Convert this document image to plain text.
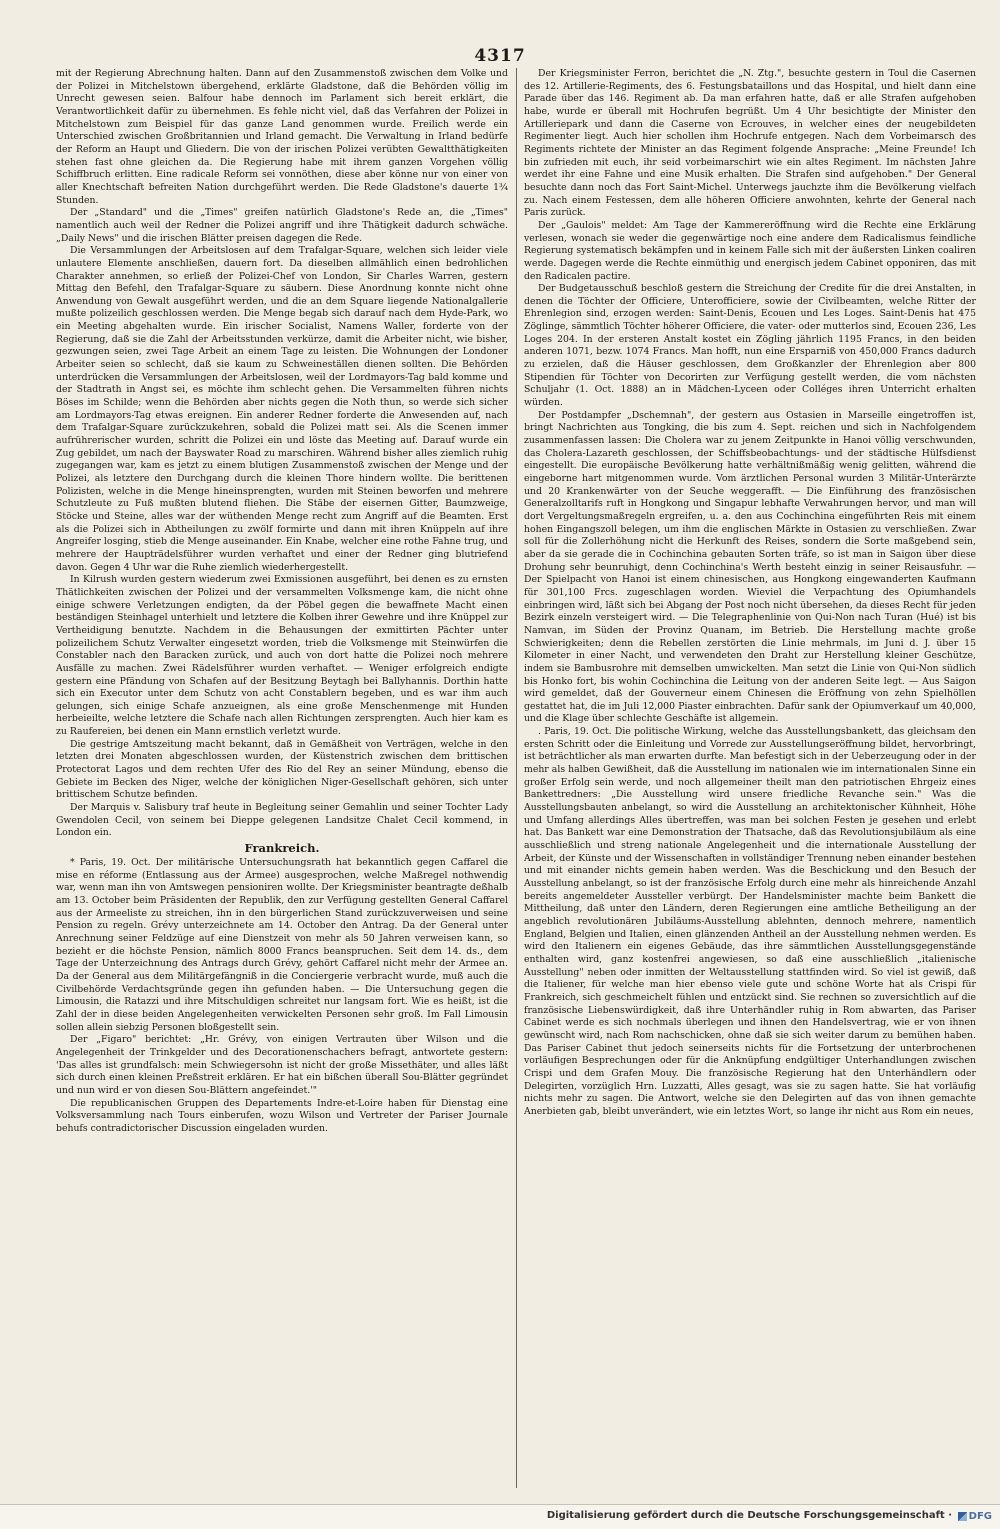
4317

mit der Regierung Abrechnung halten. Dann auf den Zusammenstoß zwischen dem Volke und der Polizei in Mitchelstown übergehend, erklärte Gladstone, daß die Behörden völlig im Unrecht gewesen seien. Balfour habe dennoch im Parlament sich bereit erklärt, die Verantwortlichkeit dafür zu übernehmen. Es fehle nicht viel, daß das Verfahren der Polizei in Mitchelstown zum Beispiel für das ganze Land genommen wurde. Freilich werde ein Unterschied zwischen Großbritannien und Irland gemacht. Die Verwaltung in Irland bedürfe der Reform an Haupt und Gliedern. Die von der irischen Polizei verübten Gewaltthätigkeiten stehen fast ohne gleichen da. Die Regierung habe mit ihrem ganzen Vorgehen völlig Schiffbruch erlitten. Eine radicale Reform sei vonnöthen, diese aber könne nur von einer von aller Knechtschaft befreiten Nation durchgeführt werden. Die Rede Gladstone's dauerte 1¾ Stunden.

Der „Standard" und die „Times" greifen natürlich Gladstone's Rede an, die „Times" namentlich auch weil der Redner die Polizei angriff und ihre Thätigkeit dadurch schwäche. „Daily News" und die irischen Blätter preisen dagegen die Rede.

Die Versammlungen der Arbeitslosen auf dem Trafalgar-Square, welchen sich leider viele unlautere Elemente anschließen, dauern fort. Da dieselben allmählich einen bedrohlichen Charakter annehmen, so erließ der Polizei-Chef von London, Sir Charles Warren, gestern Mittag den Befehl, den Trafalgar-Square zu säubern. Diese Anordnung konnte nicht ohne Anwendung von Gewalt ausgeführt werden, und die an dem Square liegende Nationalgallerie mußte polizeilich geschlossen werden. Die Menge begab sich darauf nach dem Hyde-Park, wo ein Meeting abgehalten wurde. Ein irischer Socialist, Namens Waller, forderte von der Regierung, daß sie die Zahl der Arbeitsstunden verkürze, damit die Arbeiter nicht, wie bisher, gezwungen seien, zwei Tage Arbeit an einem Tage zu leisten. Die Wohnungen der Londoner Arbeiter seien so schlecht, daß sie kaum zu Schweineställen dienen sollten. Die Behörden unterdrücken die Versammlungen der Arbeitslosen, weil der Lordmayors-Tag bald komme und der Stadtrath in Angst sei, es möchte ihm schlecht gehen. Die Versammelten führen nichts Böses im Schilde; wenn die Behörden aber nichts gegen die Noth thun, so werde sich sicher am Lordmayors-Tag etwas ereignen. Ein anderer Redner forderte die Anwesenden auf, nach dem Trafalgar-Square zurückzukehren, sobald die Polizei matt sei. Als die Scenen immer aufrührerischer wurden, schritt die Polizei ein und löste das Meeting auf. Darauf wurde ein Zug gebildet, um nach der Bayswater Road zu marschiren. Während bisher alles ziemlich ruhig zugegangen war, kam es jetzt zu einem blutigen Zusammenstoß zwischen der Menge und der Polizei, als letztere den Durchgang durch die kleinen Thore hindern wollte. Die berittenen Polizisten, welche in die Menge hineinsprengten, wurden mit Steinen beworfen und mehrere Schutzleute zu Fuß mußten blutend fliehen. Die Stäbe der eisernen Gitter, Baumzweige, Stöcke und Steine, alles war der wüthenden Menge recht zum Angriff auf die Beamten. Erst als die Polizei sich in Abtheilungen zu zwölf formirte und dann mit ihren Knüppeln auf ihre Angreifer losging, stieb die Menge auseinander. Ein Knabe, welcher eine rothe Fahne trug, und mehrere der Haupträdelsführer wurden verhaftet und einer der Redner ging blutriefend davon. Gegen 4 Uhr war die Ruhe ziemlich wiederhergestellt.

In Kilrush wurden gestern wiederum zwei Exmissionen ausgeführt, bei denen es zu ernsten Thätlichkeiten zwischen der Polizei und der versammelten Volksmenge kam, die nicht ohne einige schwere Verletzungen endigten, da der Pöbel gegen die bewaffnete Macht einen beständigen Steinhagel unterhielt und letztere die Kolben ihrer Gewehre und ihre Knüppel zur Vertheidigung benutzte. Nachdem in die Behausungen der exmittirten Pächter unter polizeilichem Schutz Verwalter eingesetzt worden, trieb die Volksmenge mit Steinwürfen die Constabler nach den Baracken zurück, und auch von dort hatte die Polizei noch mehrere Ausfälle zu machen. Zwei Rädelsführer wurden verhaftet. — Weniger erfolgreich endigte gestern eine Pfändung von Schafen auf der Besitzung Beytagh bei Ballyhannis. Dorthin hatte sich ein Executor unter dem Schutz von acht Constablern begeben, und es war ihm auch gelungen, sich einige Schafe anzueignen, als eine große Menschenmenge mit Hunden herbeieilte, welche letztere die Schafe nach allen Richtungen zersprengten. Auch hier kam es zu Raufereien, bei denen ein Mann ernstlich verletzt wurde.

Die gestrige Amtszeitung macht bekannt, daß in Gemäßheit von Verträgen, welche in den letzten drei Monaten abgeschlossen wurden, der Küstenstrich zwischen dem brittischen Protectorat Lagos und dem rechten Ufer des Rio del Rey an seiner Mündung, ebenso die Gebiete im Becken des Niger, welche der königlichen Niger-Gesellschaft gehören, sich unter brittischem Schutze befinden.

Der Marquis v. Salisbury traf heute in Begleitung seiner Gemahlin und seiner Tochter Lady Gwendolen Cecil, von seinem bei Dieppe gelegenen Landsitze Chalet Cecil kommend, in London ein.

Frankreich.

* Paris, 19. Oct. Der militärische Untersuchungsrath hat bekanntlich gegen Caffarel die mise en réforme (Entlassung aus der Armee) ausgesprochen, welche Maßregel nothwendig war, wenn man ihn von Amtswegen pensioniren wollte. Der Kriegsminister beantragte deßhalb am 13. October beim Präsidenten der Republik, den zur Verfügung gestellten General Caffarel aus der Armeeliste zu streichen, ihn in den bürgerlichen Stand zurückzuverweisen und seine Pension zu regeln. Grévy unterzeichnete am 14. October den Antrag. Da der General unter Anrechnung seiner Feldzüge auf eine Dienstzeit von mehr als 50 Jahren verweisen kann, so bezieht er die höchste Pension, nämlich 8000 Francs beanspruchen. Seit dem 14. ds., dem Tage der Unterzeichnung des Antrags durch Grévy, gehört Caffarel nicht mehr der Armee an. Da der General aus dem Militärgefängniß in die Conciergerie verbracht wurde, muß auch die Civilbehörde Verdachtsgründe gegen ihn gefunden haben. — Die Untersuchung gegen die Limousin, die Ratazzi und ihre Mitschuldigen schreitet nur langsam fort. Wie es heißt, ist die Zahl der in diese beiden Angelegenheiten verwickelten Personen sehr groß. Im Fall Limousin sollen allein siebzig Personen bloßgestellt sein.

Der „Figaro" berichtet: „Hr. Grévy, von einigen Vertrauten über Wilson und die Angelegenheit der Trinkgelder und des Decorationenschachers befragt, antwortete gestern: 'Das alles ist grundfalsch: mein Schwiegersohn ist nicht der große Missethäter, und alles läßt sich durch einen kleinen Preßstreit erklären. Er hat ein bißchen überall Sou-Blätter gegründet und nun wird er von diesen Sou-Blättern angefeindet.'"

Die republicanischen Gruppen des Departements Indre-et-Loire haben für Dienstag eine Volksversammlung nach Tours einberufen, wozu Wilson und Vertreter der Pariser Journale behufs contradictorischer Discussion eingeladen wurden.

Der Kriegsminister Ferron, berichtet die „N. Ztg.", besuchte gestern in Toul die Casernen des 12. Artillerie-Regiments, des 6. Festungsbataillons und das Hospital, und hielt dann eine Parade über das 146. Regiment ab. Da man erfahren hatte, daß er alle Strafen aufgehoben habe, wurde er überall mit Hochrufen begrüßt. Um 4 Uhr besichtigte der Minister den Artilleriepark und dann die Caserne von Ecrouves, in welcher eines der neugebildeten Regimenter liegt. Auch hier schollen ihm Hochrufe entgegen. Nach dem Vorbeimarsch des Regiments richtete der Minister an das Regiment folgende Ansprache: „Meine Freunde! Ich bin zufrieden mit euch, ihr seid vorbeimarschirt wie ein altes Regiment. Im nächsten Jahre werdet ihr eine Fahne und eine Musik erhalten. Die Strafen sind aufgehoben." Der General besuchte dann noch das Fort Saint-Michel. Unterwegs jauchzte ihm die Bevölkerung vielfach zu. Nach einem Festessen, dem alle höheren Officiere anwohnten, kehrte der General nach Paris zurück.

Der „Gaulois" meldet: Am Tage der Kammereröffnung wird die Rechte eine Erklärung verlesen, wonach sie weder die gegenwärtige noch eine andere dem Radicalismus feindliche Regierung systematisch bekämpfen und in keinem Falle sich mit der äußersten Linken coaliren werde. Dagegen werde die Rechte einmüthig und energisch jedem Cabinet opponiren, das mit den Radicalen pactire.

Der Budgetausschuß beschloß gestern die Streichung der Credite für die drei Anstalten, in denen die Töchter der Officiere, Unterofficiere, sowie der Civilbeamten, welche Ritter der Ehrenlegion sind, erzogen werden: Saint-Denis, Ecouen und Les Loges. Saint-Denis hat 475 Zöglinge, sämmtlich Töchter höherer Officiere, die vater- oder mutterlos sind, Ecouen 236, Les Loges 204. In der ersteren Anstalt kostet ein Zögling jährlich 1195 Francs, in den beiden anderen 1071, bezw. 1074 Francs. Man hofft, nun eine Ersparniß von 450,000 Francs dadurch zu erzielen, daß die Häuser geschlossen, dem Großkanzler der Ehrenlegion aber 800 Stipendien für Töchter von Decorirten zur Verfügung gestellt werden, die vom nächsten Schuljahr (1. Oct. 1888) an in Mädchen-Lyceen oder Colléges ihren Unterricht erhalten würden.

Der Postdampfer „Dschemnah", der gestern aus Ostasien in Marseille eingetroffen ist, bringt Nachrichten aus Tongking, die bis zum 4. Sept. reichen und sich in Nachfolgendem zusammenfassen lassen: Die Cholera war zu jenem Zeitpunkte in Hanoi völlig verschwunden, das Cholera-Lazareth geschlossen, der Schiffsbeobachtungs- und der städtische Hülfsdienst eingestellt. Die europäische Bevölkerung hatte verhältnißmäßig wenig gelitten, während die eingeborne hart mitgenommen wurde. Vom ärztlichen Personal wurden 3 Militär-Unterärzte und 20 Krankenwärter von der Seuche weggerafft. — Die Einführung des französischen Generalzolltarifs ruft in Hongkong und Singapur lebhafte Verwahrungen hervor, und man will dort Vergeltungsmaßregeln ergreifen, u. a. den aus Cochinchina eingeführten Reis mit einem hohen Eingangszoll belegen, um ihm die englischen Märkte in Ostasien zu verschließen. Zwar soll für die Zollerhöhung nicht die Herkunft des Reises, sondern die Sorte maßgebend sein, aber da sie gerade die in Cochinchina gebauten Sorten träfe, so ist man in Saigon über diese Drohung sehr beunruhigt, denn Cochinchina's Werth besteht einzig in seiner Reisausfuhr. — Der Spielpacht von Hanoi ist einem chinesischen, aus Hongkong eingewanderten Kaufmann für 301,100 Frcs. zugeschlagen worden. Wieviel die Verpachtung des Opiumhandels einbringen wird, läßt sich bei Abgang der Post noch nicht übersehen, da dieses Recht für jeden Bezirk einzeln versteigert wird. — Die Telegraphenlinie von Qui-Non nach Turan (Hué) ist bis Namvan, im Süden der Provinz Quanam, im Betrieb. Die Herstellung machte große Schwierigkeiten; denn die Rebellen zerstörten die Linie mehrmals, im Juni d. J. über 15 Kilometer in einer Nacht, und verwendeten den Draht zur Herstellung kleiner Geschütze, indem sie Bambusrohre mit demselben umwickelten. Man setzt die Linie von Qui-Non südlich bis Honko fort, bis wohin Cochinchina die Leitung von der anderen Seite legt. — Aus Saigon wird gemeldet, daß der Gouverneur einem Chinesen die Eröffnung von zehn Spielhöllen gestattet hat, die im Juli 12,000 Piaster einbrachten. Dafür sank der Opiumverkauf um 40,000, und die Klage über schlechte Geschäfte ist allgemein.

. Paris, 19. Oct. Die politische Wirkung, welche das Ausstellungsbankett, das gleichsam den ersten Schritt oder die Einleitung und Vorrede zur Ausstellungseröffnung bildet, hervorbringt, ist beträchtlicher als man erwarten durfte. Man befestigt sich in der Ueberzeugung oder in der mehr als halben Gewißheit, daß die Ausstellung im nationalen wie im internationalen Sinne ein großer Erfolg sein werde, und noch allgemeiner theilt man den patriotischen Ehrgeiz eines Bankettredners: „Die Ausstellung wird unsere friedliche Revanche sein." Was die Ausstellungsbauten anbelangt, so wird die Ausstellung an architektonischer Kühnheit, Höhe und Umfang allerdings Alles übertreffen, was man bei solchen Festen je gesehen und erlebt hat. Das Bankett war eine Demonstration der Thatsache, daß das Revolutionsjubiläum als eine ausschließlich und streng nationale Angelegenheit und die internationale Ausstellung der Arbeit, der Künste und der Wissenschaften in vollständiger Trennung neben einander bestehen und mit einander nichts gemein haben werden. Was die Beschickung und den Besuch der Ausstellung anbelangt, so ist der französische Erfolg durch eine mehr als hinreichende Anzahl bereits angemeldeter Aussteller verbürgt. Der Handelsminister machte beim Bankett die Mittheilung, daß unter den Ländern, deren Regierungen eine amtliche Betheiligung an der angeblich revolutionären Jubiläums-Ausstellung ablehnten, dennoch mehrere, namentlich England, Belgien und Italien, einen glänzenden Antheil an der Ausstellung nehmen werden. Es wird den Italienern ein eigenes Gebäude, das ihre sämmtlichen Ausstellungsgegenstände enthalten wird, ganz kostenfrei angewiesen, so daß eine ausschließlich „italienische Ausstellung" neben oder inmitten der Weltausstellung stattfinden wird. So viel ist gewiß, daß die Italiener, für welche man hier ebenso viele gute und schöne Worte hat als Crispi für Frankreich, sich geschmeichelt fühlen und entzückt sind. Sie rechnen so zuversichtlich auf die französische Liebenswürdigkeit, daß ihre Unterhändler ruhig in Rom abwarten, das Pariser Cabinet werde es sich nochmals überlegen und ihnen den Handelsvertrag, wie er von ihnen gewünscht wird, nach Rom nachschicken, ohne daß sie sich weiter darum zu bemühen haben. Das Pariser Cabinet thut jedoch seinerseits nichts für die Fortsetzung der unterbrochenen vorläufigen Besprechungen oder für die Anknüpfung endgültiger Unterhandlungen zwischen Crispi und dem Grafen Mouy. Die französische Regierung hat den Unterhändlern oder Delegirten, vorzüglich Hrn. Luzzatti, Alles gesagt, was sie zu sagen hatte. Sie hat vorläufig nichts mehr zu sagen. Die Antwort, welche sie den Delegirten auf das von ihnen gemachte Anerbieten gab, bleibt unverändert, wie ein letztes Wort, so lange ihr nicht aus Rom ein neues,

Digitalisierung gefördert durch die Deutsche Forschungsgemeinschaft · DFG
